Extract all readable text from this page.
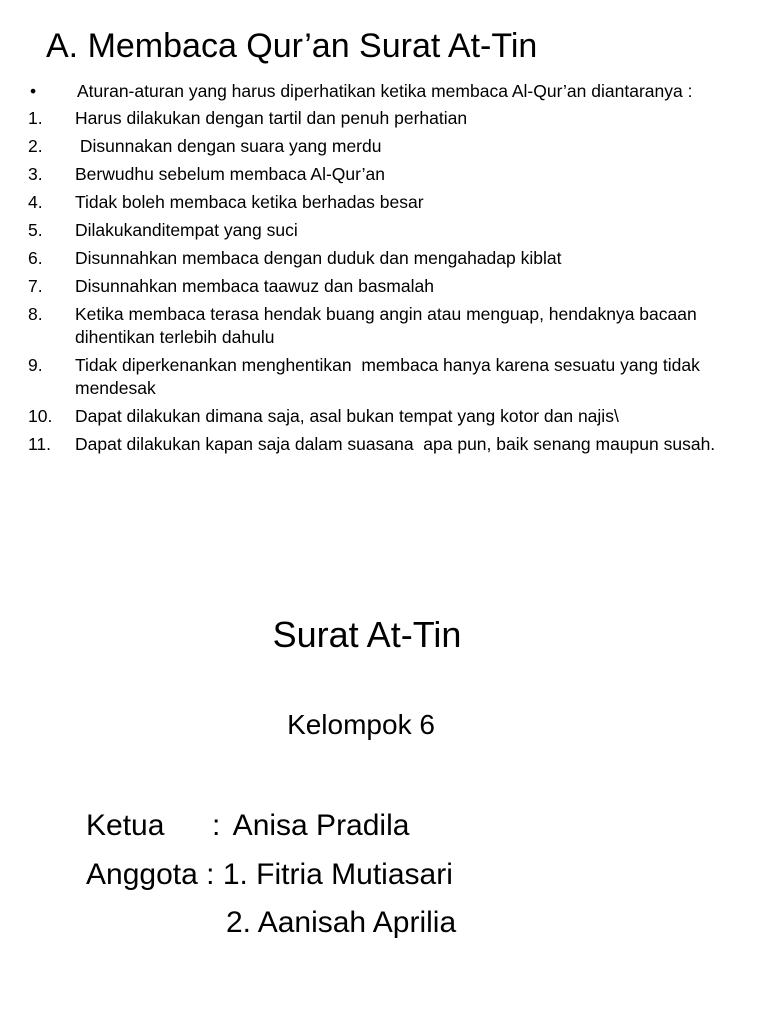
A. Membaca Qur’an Surat At-Tin
•	Aturan-aturan yang harus diperhatikan ketika membaca Al-Qur’an diantaranya :
1.	Harus dilakukan dengan tartil dan penuh perhatian
2.	Disunnakan dengan suara yang merdu
3.	Berwudhu sebelum membaca Al-Qur’an
4.	Tidak boleh membaca ketika berhadas besar
5.	Dilakukanditempat yang suci
6.	Disunnahkan membaca dengan duduk dan mengahadap kiblat
7.	Disunnahkan membaca taawuz dan basmalah
8.	Ketika membaca terasa hendak buang angin atau menguap, hendaknya bacaan dihentikan terlebih dahulu
9.	Tidak diperkenankan menghentikan  membaca hanya karena sesuatu yang tidak mendesak
10.	Dapat dilakukan dimana saja, asal bukan tempat yang kotor dan najis\
11.	Dapat dilakukan kapan saja dalam suasana  apa pun, baik senang maupun susah.
Surat At-Tin
Kelompok 6
Ketua : Anisa Pradila
Anggota : 1. Fitria Mutiasari
2. Aanisah Aprilia
